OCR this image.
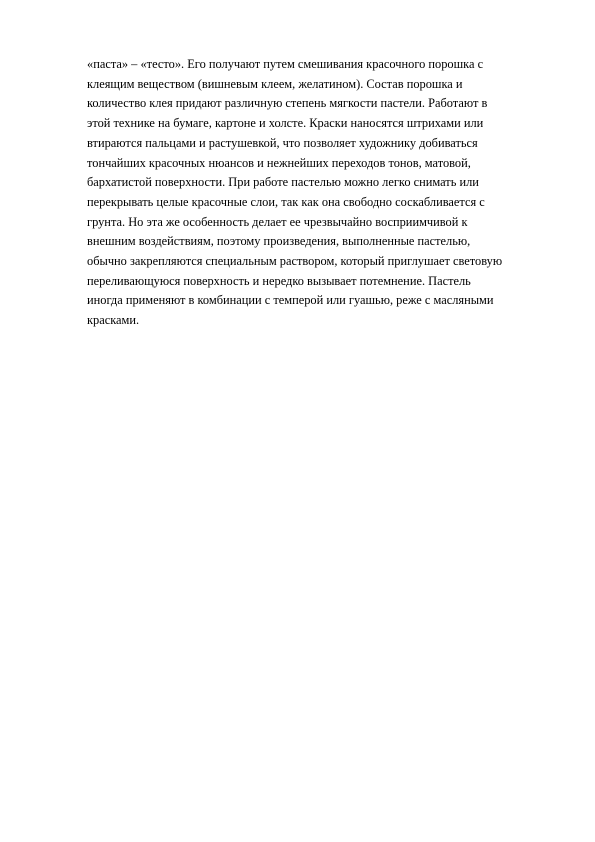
«паста» – «тесто». Его получают путем смешивания красочного порошка с
клеящим веществом (вишневым клеем, желатином). Состав порошка и
количество клея придают различную степень мягкости пастели. Работают в
этой технике на бумаге, картоне и холсте. Краски наносятся штрихами или
втираются пальцами и растушевкой, что позволяет художнику добиваться
тончайших красочных нюансов и нежнейших переходов тонов, матовой,
бархатистой поверхности. При работе пастелью можно легко снимать или
перекрывать целые красочные слои, так как она свободно соскабливается с
грунта. Но эта же особенность делает ее чрезвычайно восприимчивой к
внешним воздействиям, поэтому произведения, выполненные пастелью,
обычно закрепляются специальным раствором, который приглушает световую
переливающуюся поверхность и нередко вызывает потемнение. Пастель
иногда применяют в комбинации с темперой или гуашью, реже с масляными
красками.
